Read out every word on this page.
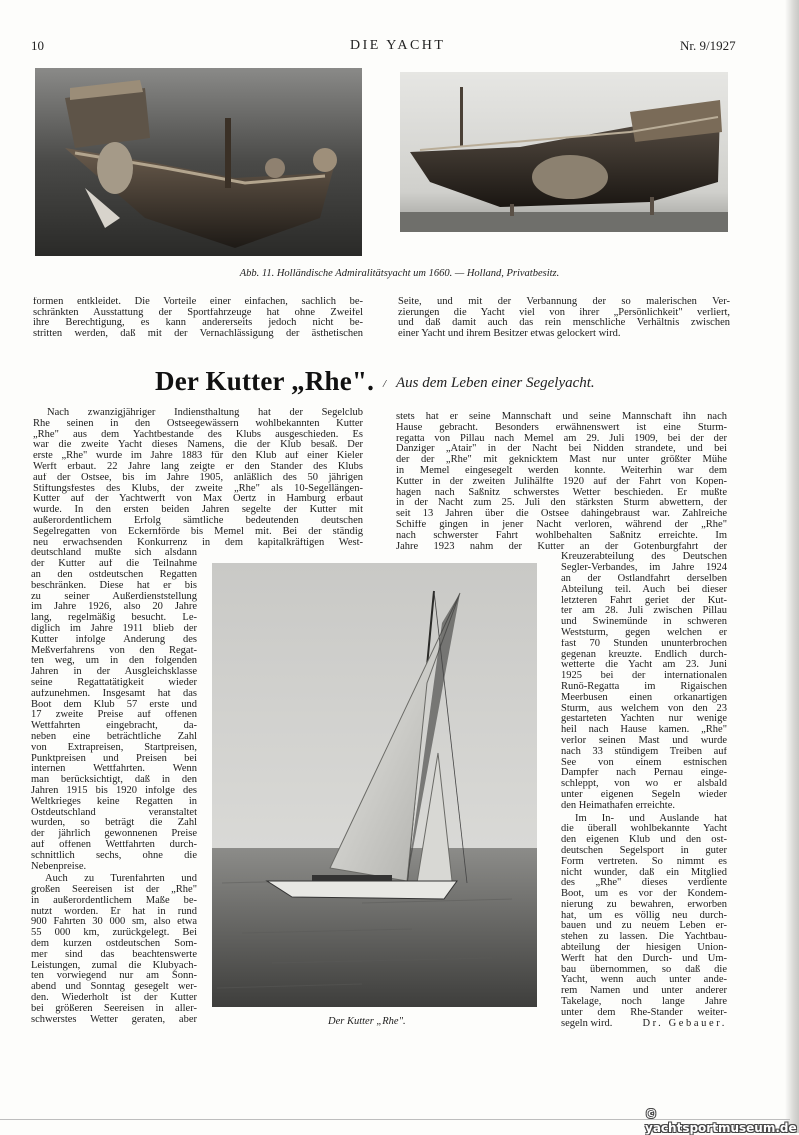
10	DIE YACHT	Nr. 9/1927
Abb. 11. Holländische Admiralitätsyacht um 1660. — Holland, Privatbesitz.
formen entkleidet. Die Vorteile einer einfachen, sachlich be-
schränkten Ausstattung der Sportfahrzeuge hat ohne Zweifel
ihre Berechtigung, es kann andererseits jedoch nicht be-
stritten werden, daß mit der Vernachlässigung der ästhetischen
Seite, und mit der Verbannung der so malerischen Ver-
zierungen die Yacht viel von ihrer „Persönlichkeit" verliert,
und daß damit auch das rein menschliche Verhältnis zwischen
einer Yacht und ihrem Besitzer etwas gelockert wird.
Der Kutter „Rhe". / Aus dem Leben einer Segelyacht.
Nach zwanzigjähriger Indiensthaltung hat der Segelclub
Rhe seinen in den Ostseegewässern wohlbekannten Kutter
„Rhe" aus dem Yachtbestande des Klubs ausgeschieden. Es
war die zweite Yacht dieses Namens, die der Klub besaß. Der
erste „Rhe" wurde im Jahre 1883 für den Klub auf einer Kieler
Werft erbaut. 22 Jahre lang zeigte er den Stander des Klubs
auf der Ostsee, bis im Jahre 1905, anläßlich des 50 jährigen
Stiftungsfestes des Klubs, der zweite „Rhe" als 10-Segellängen-
Kutter auf der Yachtwerft von Max Oertz in Hamburg erbaut
wurde. In den ersten beiden Jahren segelte der Kutter mit
außerordentlichem Erfolg sämtliche bedeutenden deutschen
Segelregatten von Eckernförde bis Memel mit. Bei der ständig
neu erwachsenden Konkurrenz in dem kapitalkräftigen West-
deutschland mußte sich alsdann
der Kutter auf die Teilnahme
an den ostdeutschen Regatten
beschränken. Diese hat er bis
zu seiner Außerdienststellung
im Jahre 1926, also 20 Jahre
lang, regelmäßig besucht. Le-
diglich im Jahre 1911 blieb der
Kutter infolge Änderung des
Meßverfahrens von den Regat-
ten weg, um in den folgenden
Jahren in der Ausgleichsklasse
seine Regattatätigkeit wieder
aufzunehmen. Insgesamt hat das
Boot dem Klub 57 erste und
17 zweite Preise auf offenen
Wettfahrten eingebracht, da-
neben eine beträchtliche Zahl
von Extrapreisen, Startpreisen,
Punktpreisen und Preisen bei
internen Wettfahrten. Wenn
man berücksichtigt, daß in den
Jahren 1915 bis 1920 infolge des
Weltkrieges keine Regatten in
Ostdeutschland veranstaltet
wurden, so beträgt die Zahl
der jährlich gewonnenen Preise
auf offenen Wettfahrten durch-
schnittlich sechs, ohne die
Nebenpreise.
Auch zu Turenfahrten und
großen Seereisen ist der „Rhe"
in außerordentlichem Maße be-
nutzt worden. Er hat in rund
900 Fahrten 30 000 sm, also etwa
55 000 km, zurückgelegt. Bei
dem kurzen ostdeutschen Som-
mer sind das beachtenswerte
Leistungen, zumal die Klubyach-
ten vorwiegend nur am Sonn-
abend und Sonntag gesegelt wer-
den. Wiederholt ist der Kutter
bei größeren Seereisen in aller-
schwerstes Wetter geraten, aber
stets hat er seine Mannschaft und seine Mannschaft ihn nach
Hause gebracht. Besonders erwähnenswert ist eine Sturm-
regatta von Pillau nach Memel am 29. Juli 1909, bei der der
Danziger „Atair" in der Nacht bei Nidden strandete, und bei
der der „Rhe" mit geknicktem Mast nur unter größter Mühe
in Memel eingesegelt werden konnte. Weiterhin war dem
Kutter in der zweiten Julihälfte 1920 auf der Fahrt von Kopen-
hagen nach Saßnitz schwerstes Wetter beschieden. Er mußte
in der Nacht zum 25. Juli den stärksten Sturm abwettern, der
seit 13 Jahren über die Ostsee dahingebraust war. Zahlreiche
Schiffe gingen in jener Nacht verloren, während der „Rhe"
nach schwerster Fahrt wohlbehalten Saßnitz erreichte. Im
Jahre 1923 nahm der Kutter an der Gotenburgfahrt der
Kreuzerabteilung des Deutschen
Segler-Verbandes, im Jahre 1924
an der Ostlandfahrt derselben
Abteilung teil. Auch bei dieser
letzteren Fahrt geriet der Kut-
ter am 28. Juli zwischen Pillau
und Swinemünde in schweren
Weststurm, gegen welchen er
fast 70 Stunden ununterbrochen
gegenan kreuzte. Endlich durch-
wetterte die Yacht am 23. Juni
1925 bei der internationalen
Runö-Regatta im Rigaischen
Meerbusen einen orkanartigen
Sturm, aus welchem von den 23
gestarteten Yachten nur wenige
heil nach Hause kamen. „Rhe"
verlor seinen Mast und wurde
nach 33 stündigem Treiben auf
See von einem estnischen
Dampfer nach Pernau einge-
schleppt, von wo er alsbald
unter eigenen Segeln wieder
den Heimathafen erreichte.
Im In- und Auslande hat
die überall wohlbekannte Yacht
den eigenen Klub und den ost-
deutschen Segelsport in guter
Form vertreten. So nimmt es
nicht wunder, daß ein Mitglied
des „Rhe" dieses verdiente
Boot, um es vor der Kondem-
nierung zu bewahren, erworben
hat, um es völlig neu durch-
bauen und zu neuem Leben er-
stehen zu lassen. Die Yachtbau-
abteilung der hiesigen Union-
Werft hat den Durch- und Um-
bau übernommen, so daß die
Yacht, wenn auch unter ande-
rem Namen und unter anderer
Takelage, noch lange Jahre
unter dem Rhe-Stander weiter-
segeln wird.	Dr. Gebauer.
Der Kutter „Rhe".
© yachtsportmuseum.de
